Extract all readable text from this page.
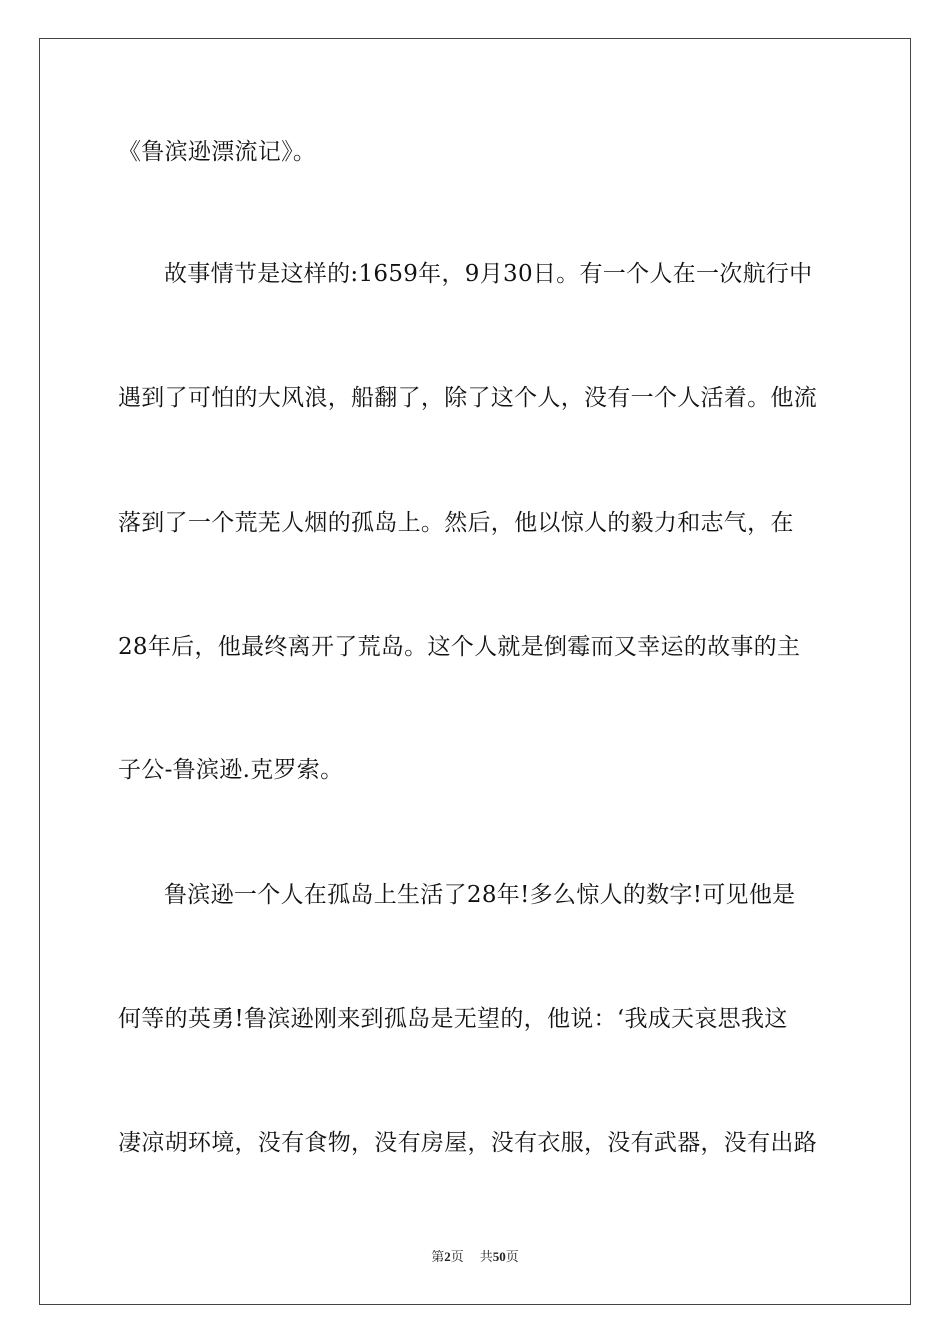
《鲁滨逊漂流记》。
故事情节是这样的:1659年，9月30日。有一个人在一次航行中
遇到了可怕的大风浪，船翻了，除了这个人，没有一个人活着。他流
落到了一个荒芜人烟的孤岛上。然后，他以惊人的毅力和志气，在
28年后，他最终离开了荒岛。这个人就是倒霉而又幸运的故事的主
子公-鲁滨逊.克罗索。
鲁滨逊一个人在孤岛上生活了28年!多么惊人的数字!可见他是
何等的英勇!鲁滨逊刚来到孤岛是无望的，他说：‘我成天哀思我这
凄凉胡环境，没有食物，没有房屋，没有衣服，没有武器，没有出路
第2页 共50页
